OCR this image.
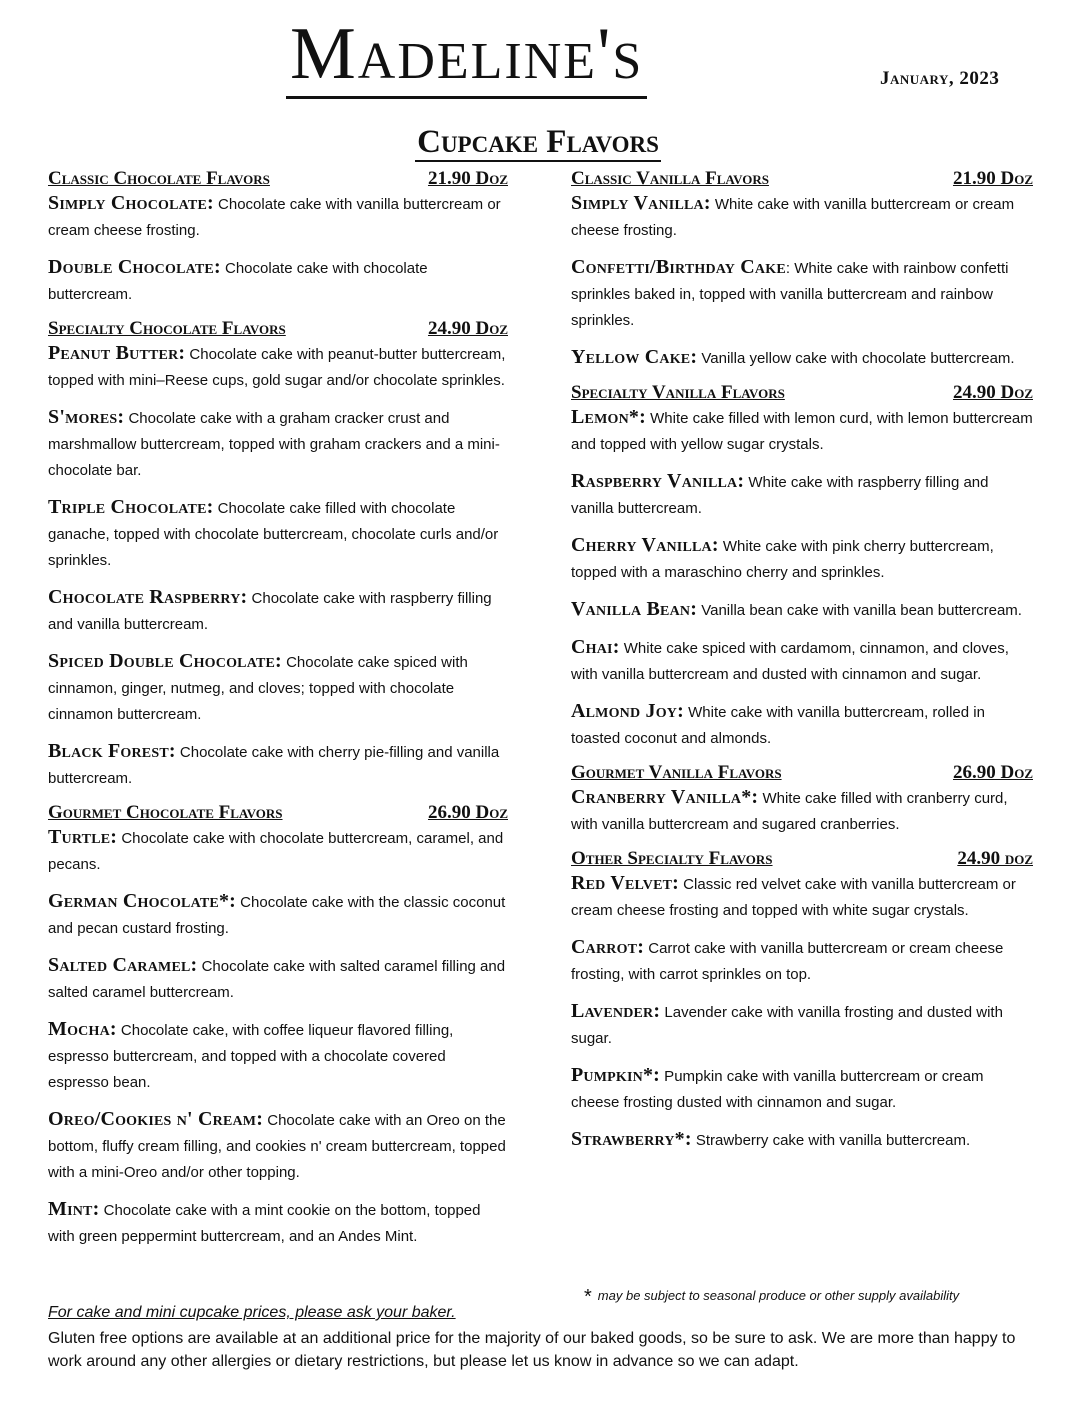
Madeline's	January, 2023
Cupcake Flavors
Classic Chocolate Flavors	21.90 Doz
Simply Chocolate: Chocolate cake with vanilla buttercream or cream cheese frosting.
Double Chocolate: Chocolate cake with chocolate buttercream.
Specialty Chocolate Flavors	24.90 Doz
Peanut Butter: Chocolate cake with peanut-butter buttercream, topped with mini–Reese cups, gold sugar and/or chocolate sprinkles.
S'mores: Chocolate cake with a graham cracker crust and marshmallow buttercream, topped with graham crackers and a mini-chocolate bar.
Triple Chocolate: Chocolate cake filled with chocolate ganache, topped with chocolate buttercream, chocolate curls and/or sprinkles.
Chocolate Raspberry: Chocolate cake with raspberry filling and vanilla buttercream.
Spiced Double Chocolate: Chocolate cake spiced with cinnamon, ginger, nutmeg, and cloves; topped with chocolate cinnamon buttercream.
Black Forest: Chocolate cake with cherry pie-filling and vanilla buttercream.
Gourmet Chocolate Flavors	26.90 Doz
Turtle: Chocolate cake with chocolate buttercream, caramel, and pecans.
German Chocolate*: Chocolate cake with the classic coconut and pecan custard frosting.
Salted Caramel: Chocolate cake with salted caramel filling and salted caramel buttercream.
Mocha: Chocolate cake, with coffee liqueur flavored filling, espresso buttercream, and topped with a chocolate covered espresso bean.
Oreo/Cookies n' Cream: Chocolate cake with an Oreo on the bottom, fluffy cream filling, and cookies n' cream buttercream, topped with a mini-Oreo and/or other topping.
Mint: Chocolate cake with a mint cookie on the bottom, topped with green peppermint buttercream, and an Andes Mint.
Classic Vanilla Flavors	21.90 Doz
Simply Vanilla: White cake with vanilla buttercream or cream cheese frosting.
Confetti/Birthday Cake: White cake with rainbow confetti sprinkles baked in, topped with vanilla buttercream and rainbow sprinkles.
Yellow Cake: Vanilla yellow cake with chocolate buttercream.
Specialty Vanilla Flavors	24.90 Doz
Lemon*: White cake filled with lemon curd, with lemon buttercream and topped with yellow sugar crystals.
Raspberry Vanilla: White cake with raspberry filling and vanilla buttercream.
Cherry Vanilla: White cake with pink cherry buttercream, topped with a maraschino cherry and sprinkles.
Vanilla Bean: Vanilla bean cake with vanilla bean buttercream.
Chai: White cake spiced with cardamom, cinnamon, and cloves, with vanilla buttercream and dusted with cinnamon and sugar.
Almond Joy: White cake with vanilla buttercream, rolled in toasted coconut and almonds.
Gourmet Vanilla Flavors	26.90 Doz
Cranberry Vanilla*: White cake filled with cranberry curd, with vanilla buttercream and sugared cranberries.
Other Specialty Flavors	24.90 doz
Red Velvet: Classic red velvet cake with vanilla buttercream or cream cheese frosting and topped with white sugar crystals.
Carrot: Carrot cake with vanilla buttercream or cream cheese frosting, with carrot sprinkles on top.
Lavender: Lavender cake with vanilla frosting and dusted with sugar.
Pumpkin*: Pumpkin cake with vanilla buttercream or cream cheese frosting dusted with cinnamon and sugar.
Strawberry*: Strawberry cake with vanilla buttercream.
* may be subject to seasonal produce or other supply availability
For cake and mini cupcake prices, please ask your baker.
Gluten free options are available at an additional price for the majority of our baked goods, so be sure to ask. We are more than happy to work around any other allergies or dietary restrictions, but please let us know in advance so we can adapt.
